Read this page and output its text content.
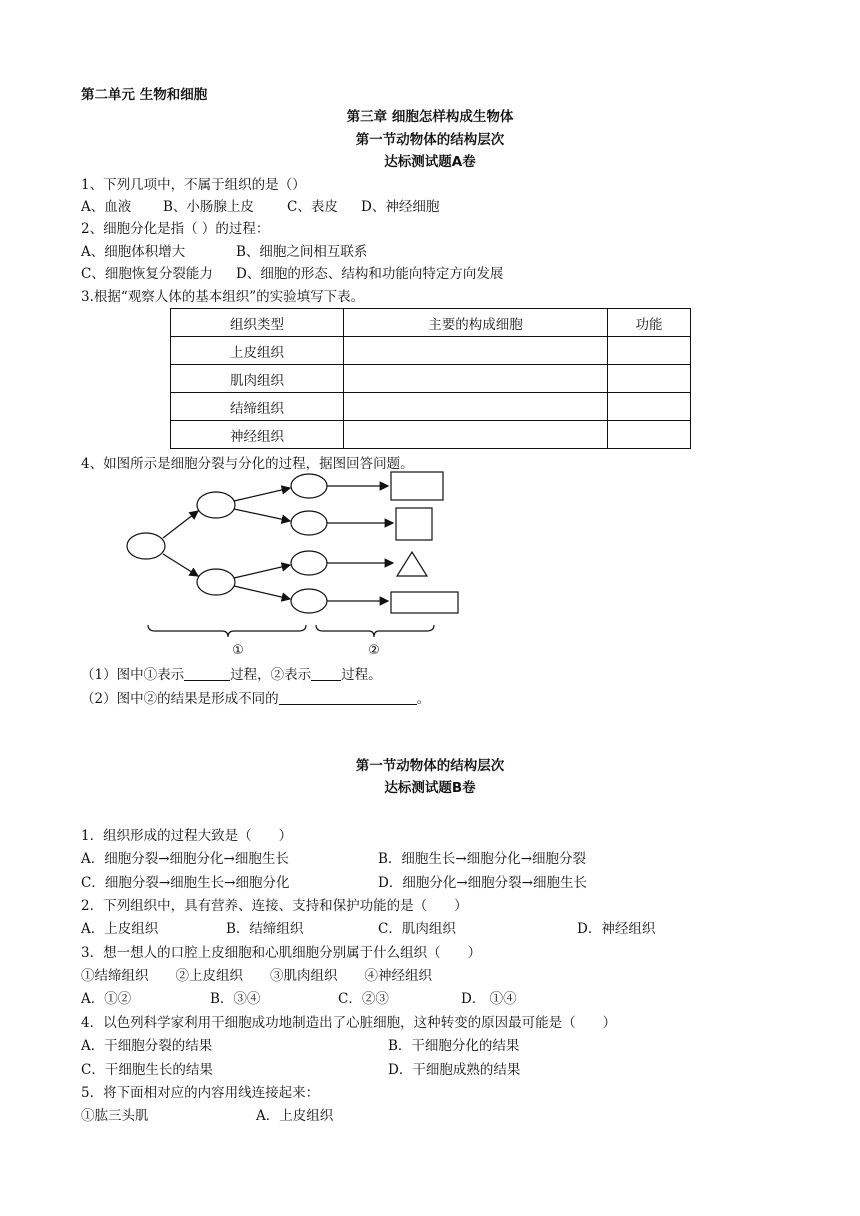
第二单元 生物和细胞
第三章 细胞怎样构成生物体
第一节动物体的结构层次
达标测试题A卷
1、下列几项中，不属于组织的是（）
A、血液 B、小肠腺上皮 C、表皮 D、神经细胞
2、细胞分化是指（ ）的过程：
A、细胞体积增大	B、细胞之间相互联系
C、细胞恢复分裂能力 D、细胞的形态、结构和功能向特定方向发展
3.根据“观察人体的基本组织”的实验填写下表。
组织类型	主要的构成细胞	功能
上皮组织		
肌肉组织		
结缔组织		
神经组织		
4、如图所示是细胞分裂与分化的过程，据图回答问题。
①	②
（1）图中①表示	过程，②表示 过程。
（2）图中②的结果是形成不同的	。
第一节动物体的结构层次
达标测试题B卷
1．组织形成的过程大致是（　　）
A．细胞分裂→细胞分化→细胞生长	B．细胞生长→细胞分化→细胞分裂
C．细胞分裂→细胞生长→细胞分化	D．细胞分化→细胞分裂→细胞生长
2．下列组织中，具有营养、连接、支持和保护功能的是（　　）
A．上皮组织	B．结缔组织	C．肌肉组织	D．神经组织
3．想一想人的口腔上皮细胞和心肌细胞分别属于什么组织（　　）
①结缔组织　　②上皮组织　　③肌肉组织　　④神经组织
A．①②	B．③④	C．②③	D． ①④
4．以色列科学家利用干细胞成功地制造出了心脏细胞，这种转变的原因最可能是（　　）
A．干细胞分裂的结果	B．干细胞分化的结果
C．干细胞生长的结果	D．干细胞成熟的结果
5．将下面相对应的内容用线连接起来：
①肱三头肌	A．上皮组织
